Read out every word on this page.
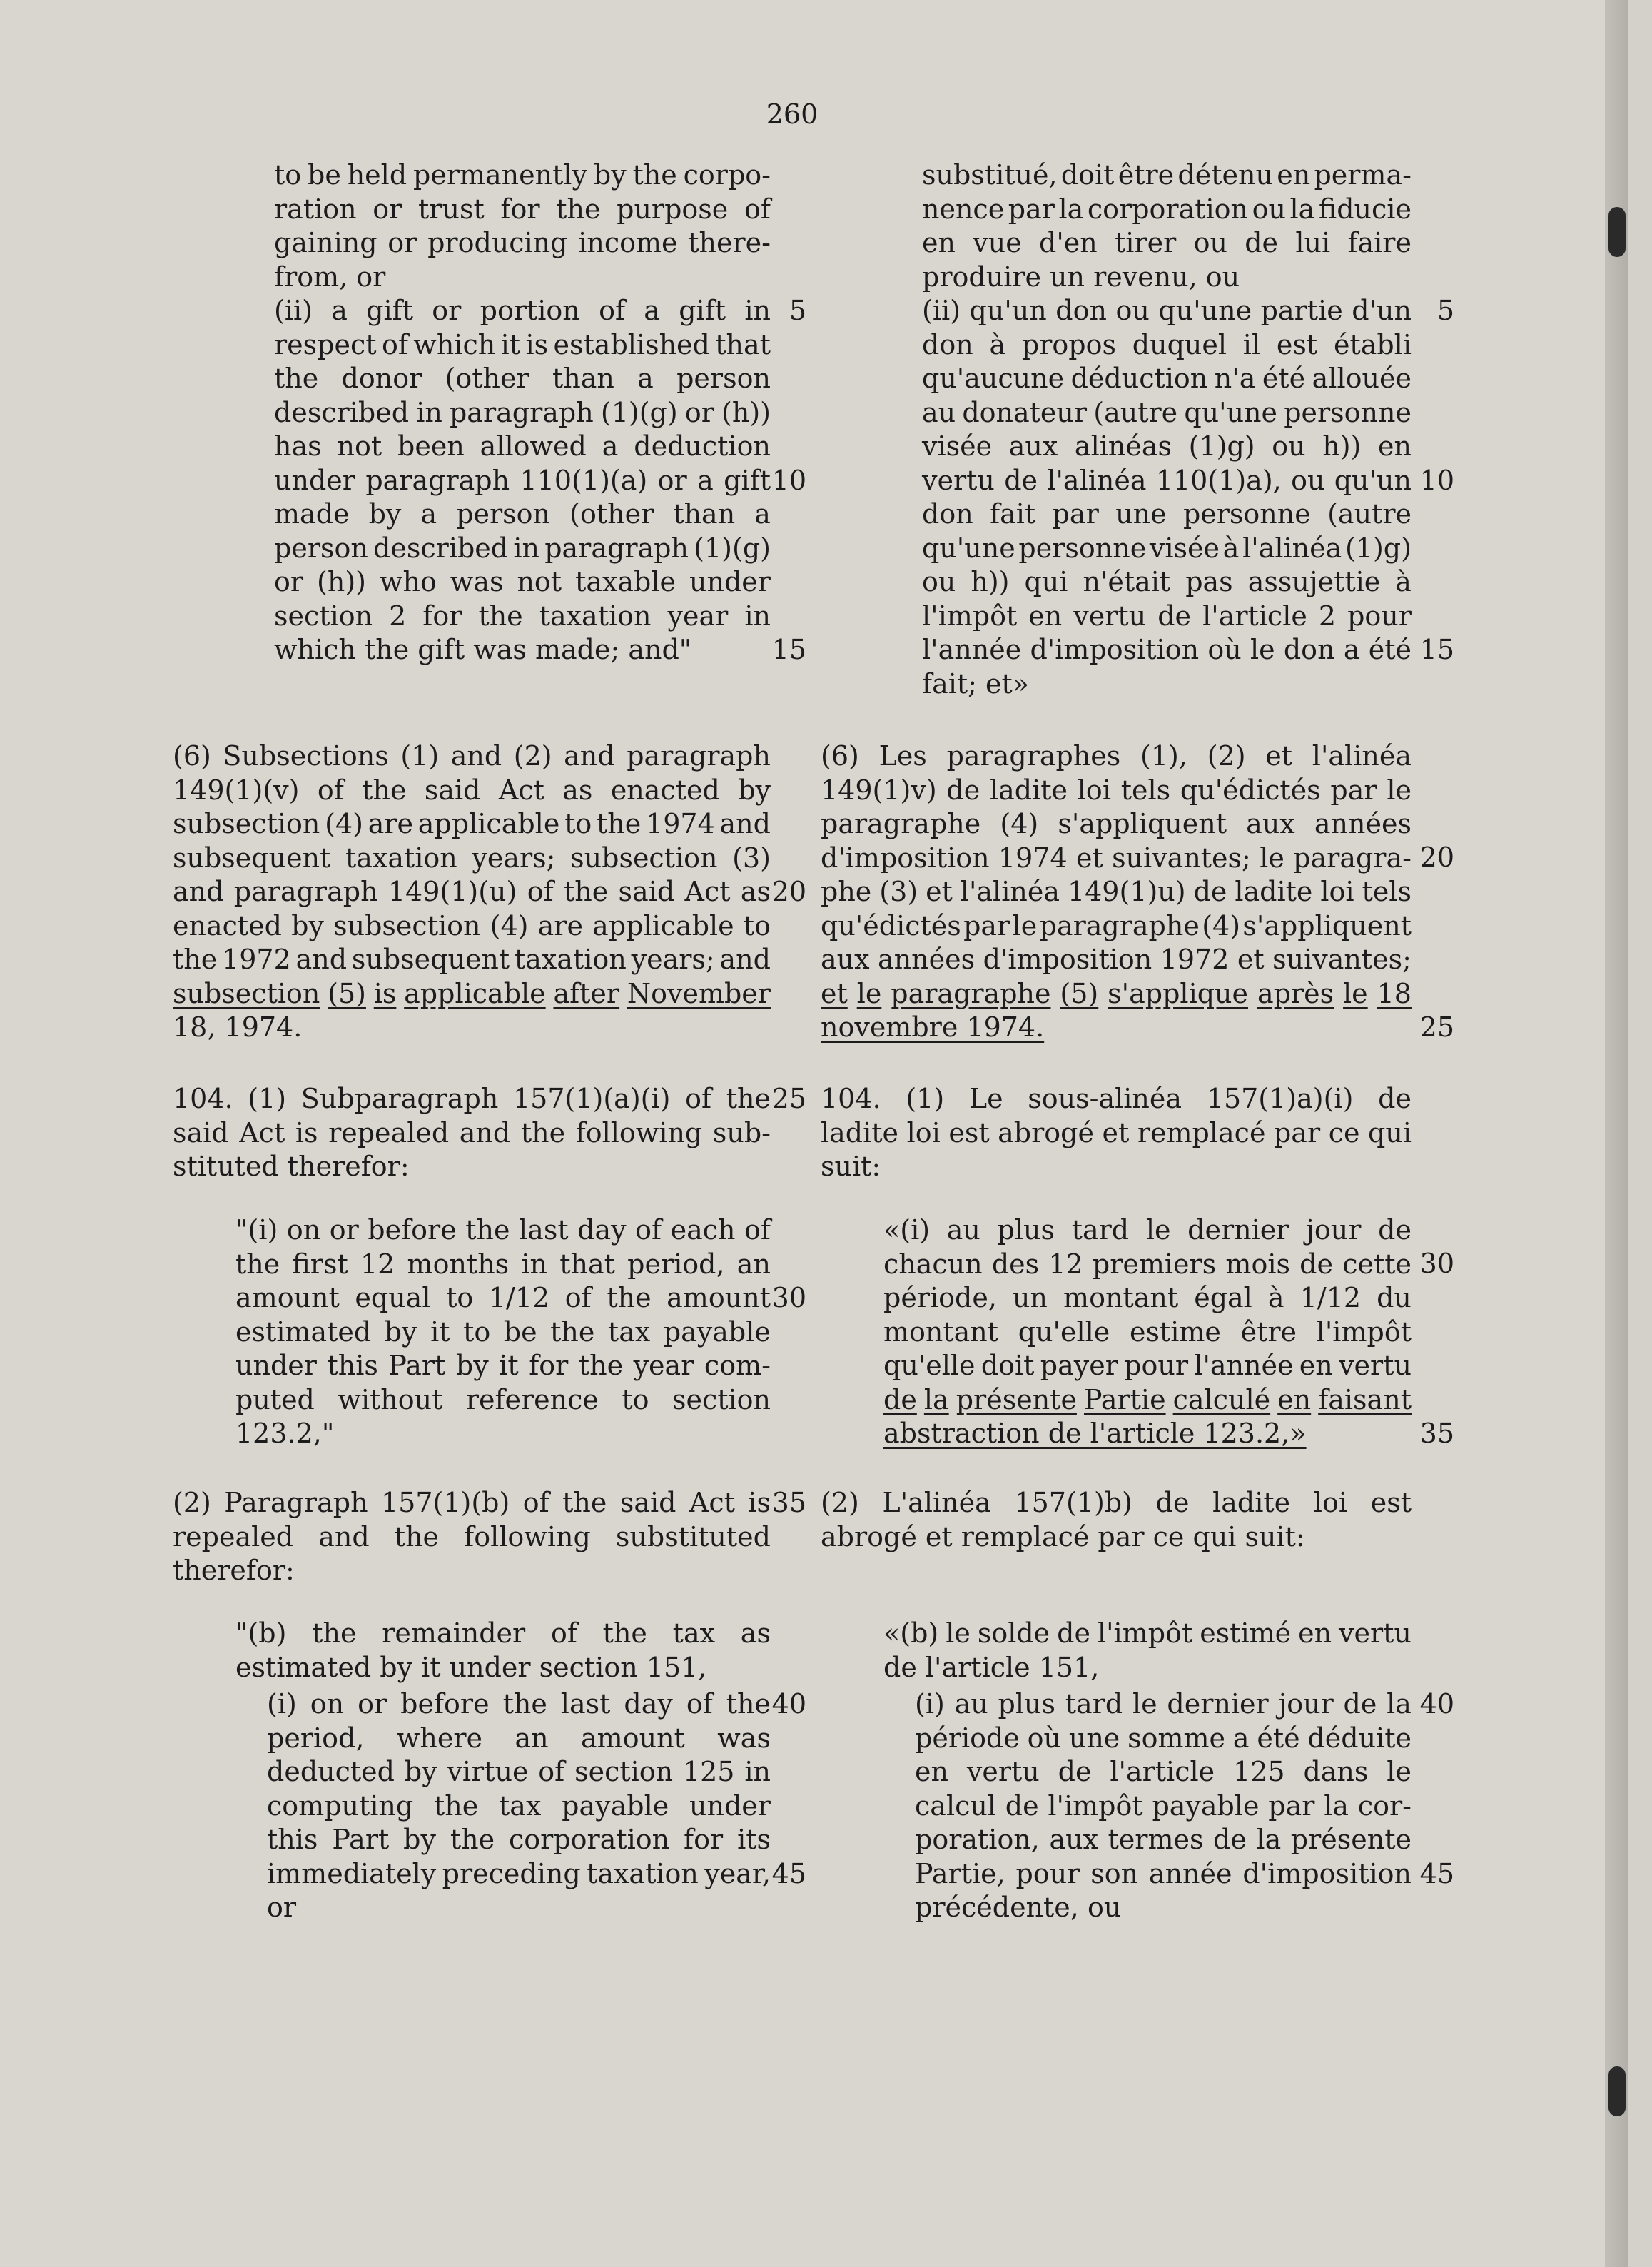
260
to be held permanently by the corpo-
ration or trust for the purpose of
gaining or producing income there-
from, or
(ii) a gift or portion of a gift in
respect of which it is established that
the donor (other than a person
described in paragraph (1)(g) or (h))
has not been allowed a deduction
under paragraph 110(1)(a) or a gift
made by a person (other than a
person described in paragraph (1)(g)
or (h)) who was not taxable under
section 2 for the taxation year in
which the gift was made; and"
(6) Subsections (1) and (2) and paragraph
149(1)(v) of the said Act as enacted by
subsection (4) are applicable to the 1974 and
subsequent taxation years; subsection (3)
and paragraph 149(1)(u) of the said Act as
enacted by subsection (4) are applicable to
the 1972 and subsequent taxation years; and
subsection (5) is applicable after November
18, 1974.
104. (1) Subparagraph 157(1)(a)(i) of the
said Act is repealed and the following sub-
stituted therefor:
"(i) on or before the last day of each of
the first 12 months in that period, an
amount equal to 1/12 of the amount
estimated by it to be the tax payable
under this Part by it for the year com-
puted without reference to section
123.2,"
(2) Paragraph 157(1)(b) of the said Act is
repealed and the following substituted
therefor:
"(b) the remainder of the tax as
estimated by it under section 151,
(i) on or before the last day of the
period, where an amount was
deducted by virtue of section 125 in
computing the tax payable under
this Part by the corporation for its
immediately preceding taxation year,
or
5
10
15
20
25
30
35
40
45
substitué, doit être détenu en perma-
nence par la corporation ou la fiducie
en vue d'en tirer ou de lui faire
produire un revenu, ou
(ii) qu'un don ou qu'une partie d'un
don à propos duquel il est établi
qu'aucune déduction n'a été allouée
au donateur (autre qu'une personne
visée aux alinéas (1)g) ou h)) en
vertu de l'alinéa 110(1)a), ou qu'un
don fait par une personne (autre
qu'une personne visée à l'alinéa (1)g)
ou h)) qui n'était pas assujettie à
l'impôt en vertu de l'article 2 pour
l'année d'imposition où le don a été
fait; et»
(6) Les paragraphes (1), (2) et l'alinéa
149(1)v) de ladite loi tels qu'édictés par le
paragraphe (4) s'appliquent aux années
d'imposition 1974 et suivantes; le paragra-
phe (3) et l'alinéa 149(1)u) de ladite loi tels
qu'édictés par le paragraphe (4) s'appliquent
aux années d'imposition 1972 et suivantes;
et le paragraphe (5) s'applique après le 18
novembre 1974.
104. (1) Le sous-alinéa 157(1)a)(i) de
ladite loi est abrogé et remplacé par ce qui
suit:
«(i) au plus tard le dernier jour de
chacun des 12 premiers mois de cette
période, un montant égal à 1/12 du
montant qu'elle estime être l'impôt
qu'elle doit payer pour l'année en vertu
de la présente Partie calculé en faisant
abstraction de l'article 123.2,»
(2) L'alinéa 157(1)b) de ladite loi est
abrogé et remplacé par ce qui suit:
«(b) le solde de l'impôt estimé en vertu
de l'article 151,
(i) au plus tard le dernier jour de la
période où une somme a été déduite
en vertu de l'article 125 dans le
calcul de l'impôt payable par la cor-
poration, aux termes de la présente
Partie, pour son année d'imposition
précédente, ou
5
10
15
20
25
30
35
40
45
